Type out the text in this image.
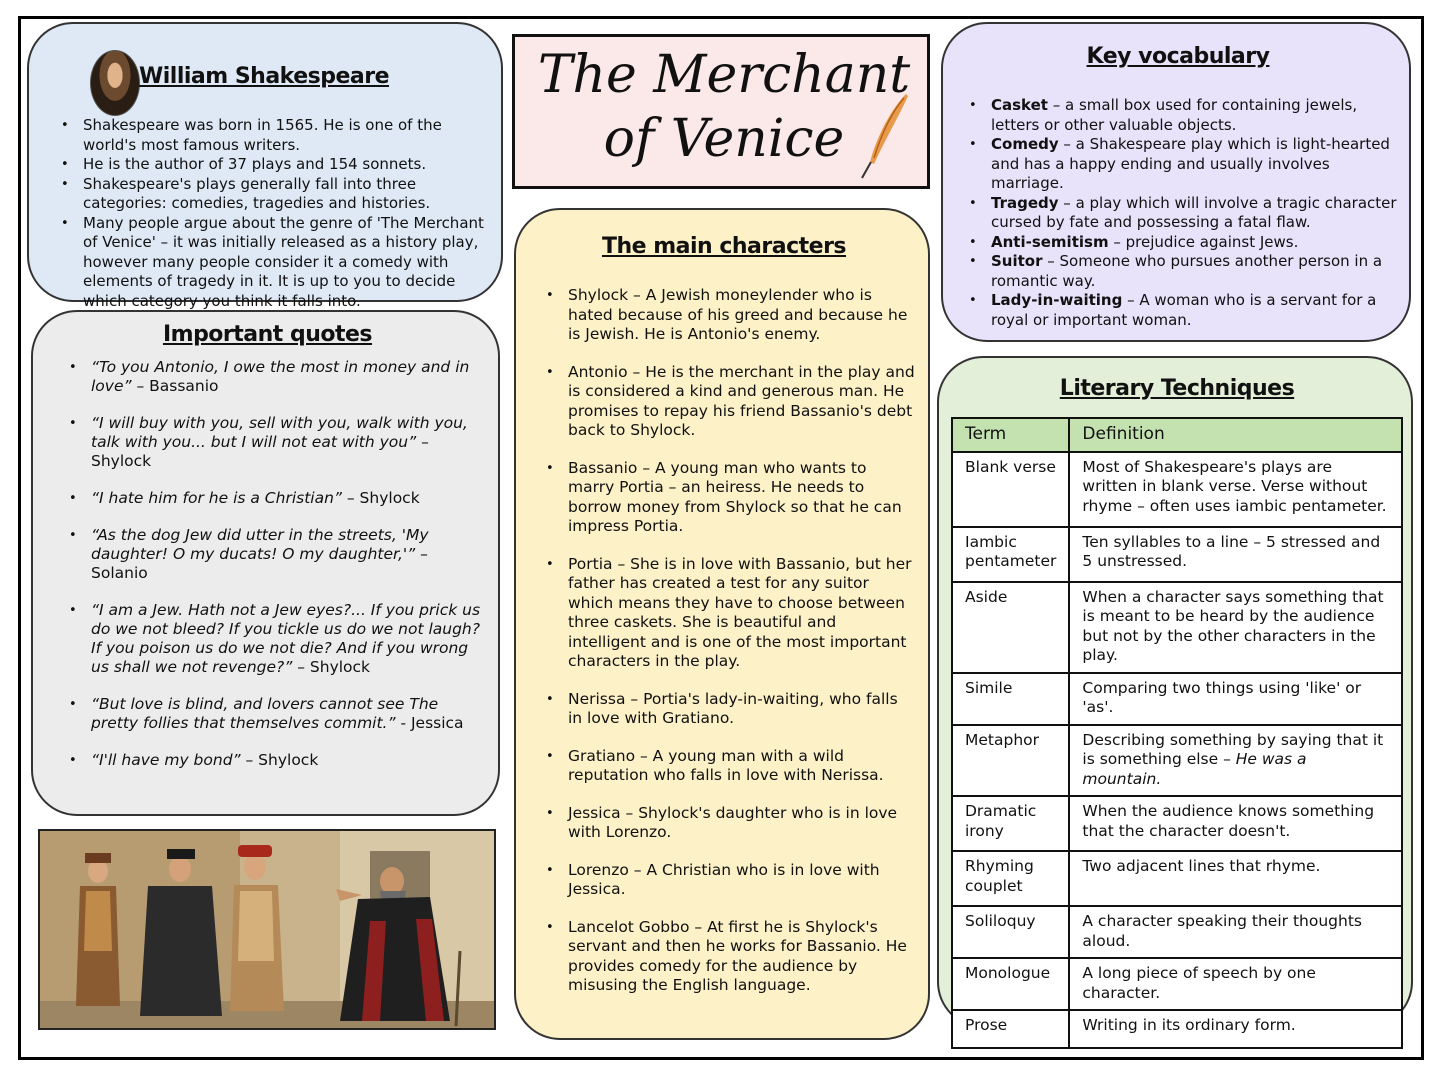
William Shakespeare
• Shakespeare was born in 1565. He is one of the world's most famous writers.
• He is the author of 37 plays and 154 sonnets.
• Shakespeare's plays generally fall into three categories: comedies, tragedies and histories.
• Many people argue about the genre of 'The Merchant of Venice' – it was initially released as a history play, however many people consider it a comedy with elements of tragedy in it. It is up to you to decide which category you think it falls into.
Important quotes
• “To you Antonio, I owe the most in money and in love” – Bassanio
• “I will buy with you, sell with you, walk with you, talk with you... but I will not eat with you” – Shylock
• “I hate him for he is a Christian” – Shylock
• “As the dog Jew did utter in the streets, 'My daughter! O my ducats! O my daughter,'” – Solanio
• “I am a Jew. Hath not a Jew eyes?... If you prick us do we not bleed? If you tickle us do we not laugh? If you poison us do we not die? And if you wrong us shall we not revenge?” – Shylock
• “But love is blind, and lovers cannot see The pretty follies that themselves commit.” - Jessica
• “I'll have my bond” – Shylock
The Merchant
of Venice
The main characters
• Shylock – A Jewish moneylender who is hated because of his greed and because he is Jewish. He is Antonio's enemy.
• Antonio – He is the merchant in the play and is considered a kind and generous man. He promises to repay his friend Bassanio's debt back to Shylock.
• Bassanio – A young man who wants to marry Portia – an heiress. He needs to borrow money from Shylock so that he can impress Portia.
• Portia – She is in love with Bassanio, but her father has created a test for any suitor which means they have to choose between three caskets. She is beautiful and intelligent and is one of the most important characters in the play.
• Nerissa – Portia's lady-in-waiting, who falls in love with Gratiano.
• Gratiano – A young man with a wild reputation who falls in love with Nerissa.
• Jessica – Shylock's daughter who is in love with Lorenzo.
• Lorenzo – A Christian who is in love with Jessica.
• Lancelot Gobbo – At first he is Shylock's servant and then he works for Bassanio. He provides comedy for the audience by misusing the English language.
Key vocabulary
• Casket – a small box used for containing jewels, letters or other valuable objects.
• Comedy – a Shakespeare play which is light-hearted and has a happy ending and usually involves marriage.
• Tragedy – a play which will involve a tragic character cursed by fate and possessing a fatal flaw.
• Anti-semitism – prejudice against Jews.
• Suitor – Someone who pursues another person in a romantic way.
• Lady-in-waiting – A woman who is a servant for a royal or important woman.
Literary Techniques
Term	Definition
Blank verse	Most of Shakespeare's plays are written in blank verse. Verse without rhyme – often uses iambic pentameter.
Iambic pentameter	Ten syllables to a line – 5 stressed and 5 unstressed.
Aside	When a character says something that is meant to be heard by the audience but not by the other characters in the play.
Simile	Comparing two things using 'like' or 'as'.
Metaphor	Describing something by saying that it is something else – He was a mountain.
Dramatic irony	When the audience knows something that the character doesn't.
Rhyming couplet	Two adjacent lines that rhyme.
Soliloquy	A character speaking their thoughts aloud.
Monologue	A long piece of speech by one character.
Prose	Writing in its ordinary form.
